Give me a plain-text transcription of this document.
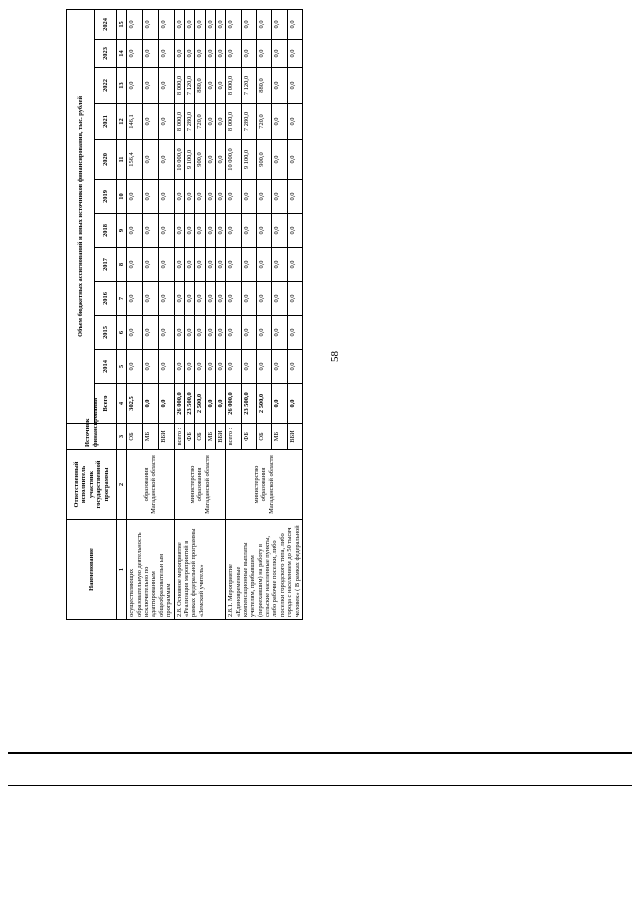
58
Наименование	Ответственный исполнитель участник государственной программы	Источник финансирования	Объем бюджетных ассигнований и иных источников финансирования, тыс. рублей											
			Всего	2014	2015	2016	2017	2018	2019	2020	2021	2022	2023	2024
1	2	3	4	5	6	7	8	9	10	11	12	13	14	15
осуществляющих образовательную деятельность исключительно по адаптированным общеобразовательн ым программам	образования Магаданской области	ОБ	302,5	0,0	0,0	0,0	0,0	0,0	0,0	156,4	146,1	0,0	0,0	0,0
		МБ	0,0	0,0	0,0	0,0	0,0	0,0	0,0	0,0	0,0	0,0	0,0	0,0
		ВБИ	0,0	0,0	0,0	0,0	0,0	0,0	0,0	0,0	0,0	0,0	0,0	0,0
2.8. Основное мероприятие «Реализация мероприятий в рамках федеральной программы «Земский учитель»	министерство образования Магаданской области	всего :	26 000,0	0,0	0,0	0,0	0,0	0,0	0,0	10 000,0	8 000,0	8 000,0	0,0	0,0
		ФБ	23 500,0	0,0	0,0	0,0	0,0	0,0	0,0	9 100,0	7 280,0	7 120,0	0,0	0,0
		ОБ	2 500,0	0,0	0,0	0,0	0,0	0,0	0,0	900,0	720,0	880,0	0,0	0,0
		МБ	0,0	0,0	0,0	0,0	0,0	0,0	0,0	0,0	0,0	0,0	0,0	0,0
		ВБИ	0,0	0,0	0,0	0,0	0,0	0,0	0,0	0,0	0,0	0,0	0,0	0,0
2.8.1. Мероприятие «Единовременные компенсационные выплаты учителям, прибывшим (переехавшим) на работу в сельские населенные пункты, либо рабочие поселки, либо поселки городского типа, либо города с населением до 50 тысяч человек» ( В рамках федеральной	министерство образования Магаданской области	всего :	26 000,0	0,0	0,0	0,0	0,0	0,0	0,0	10 000,0	8 000,0	8 000,0	0,0	0,0
		ФБ	23 500,0	0,0	0,0	0,0	0,0	0,0	0,0	9 100,0	7 280,0	7 120,0	0,0	0,0
		ОБ	2 500,0	0,0	0,0	0,0	0,0	0,0	0,0	900,0	720,0	880,0	0,0	0,0
		МБ	0,0	0,0	0,0	0,0	0,0	0,0	0,0	0,0	0,0	0,0	0,0	0,0
		ВБИ	0,0	0,0	0,0	0,0	0,0	0,0	0,0	0,0	0,0	0,0	0,0	0,0
